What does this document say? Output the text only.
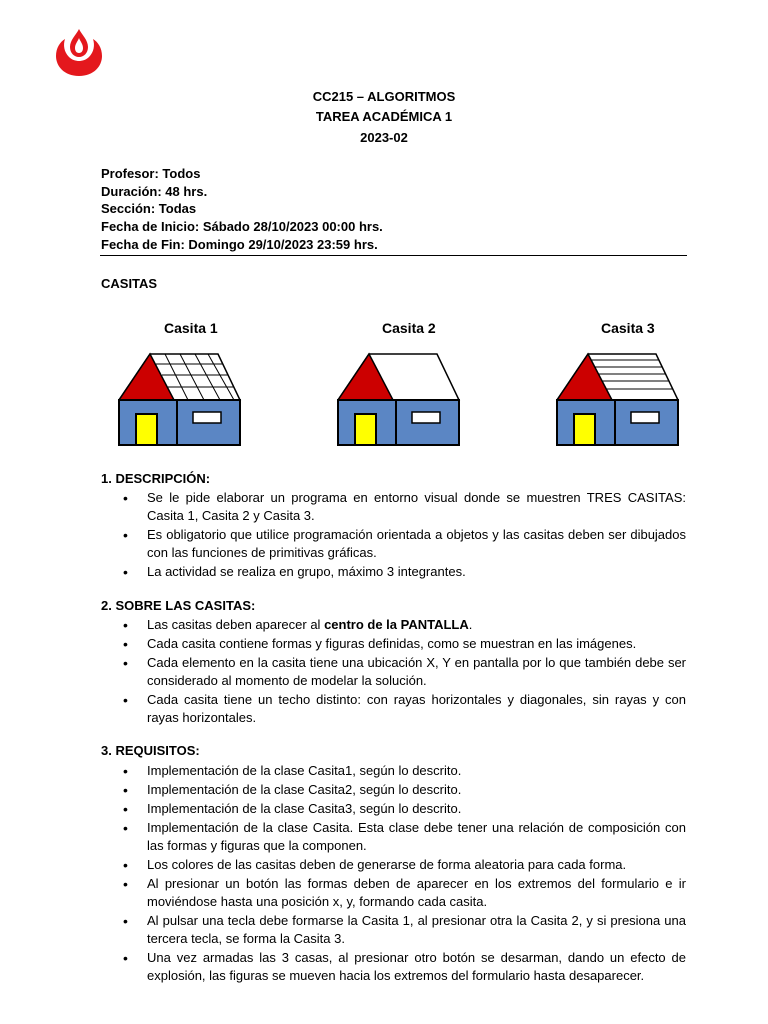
CC215 – ALGORITMOS
TAREA ACADÉMICA 1
2023-02
Profesor: Todos
Duración: 48 hrs.
Sección: Todas
Fecha de Inicio: Sábado 28/10/2023 00:00 hrs.
Fecha de Fin: Domingo 29/10/2023 23:59 hrs.
CASITAS
Casita 1	Casita 2	Casita 3
1. DESCRIPCIÓN:
• Se le pide elaborar un programa en entorno visual donde se muestren TRES CASITAS: Casita 1, Casita 2 y Casita 3.
• Es obligatorio que utilice programación orientada a objetos y las casitas deben ser dibujados con las funciones de primitivas gráficas.
• La actividad se realiza en grupo, máximo 3 integrantes.
2. SOBRE LAS CASITAS:
• Las casitas deben aparecer al centro de la PANTALLA.
• Cada casita contiene formas y figuras definidas, como se muestran en las imágenes.
• Cada elemento en la casita tiene una ubicación X, Y en pantalla por lo que también debe ser considerado al momento de modelar la solución.
• Cada casita tiene un techo distinto: con rayas horizontales y diagonales, sin rayas y con rayas horizontales.
3. REQUISITOS:
• Implementación de la clase Casita1, según lo descrito.
• Implementación de la clase Casita2, según lo descrito.
• Implementación de la clase Casita3, según lo descrito.
• Implementación de la clase Casita. Esta clase debe tener una relación de composición con las formas y figuras que la componen.
• Los colores de las casitas deben de generarse de forma aleatoria para cada forma.
• Al presionar un botón las formas deben de aparecer en los extremos del formulario e ir moviéndose hasta una posición x, y, formando cada casita.
• Al pulsar una tecla debe formarse la Casita 1, al presionar otra la Casita 2, y si presiona una tercera tecla, se forma la Casita 3.
• Una vez armadas las 3 casas, al presionar otro botón se desarman, dando un efecto de explosión, las figuras se mueven hacia los extremos del formulario hasta desaparecer.
